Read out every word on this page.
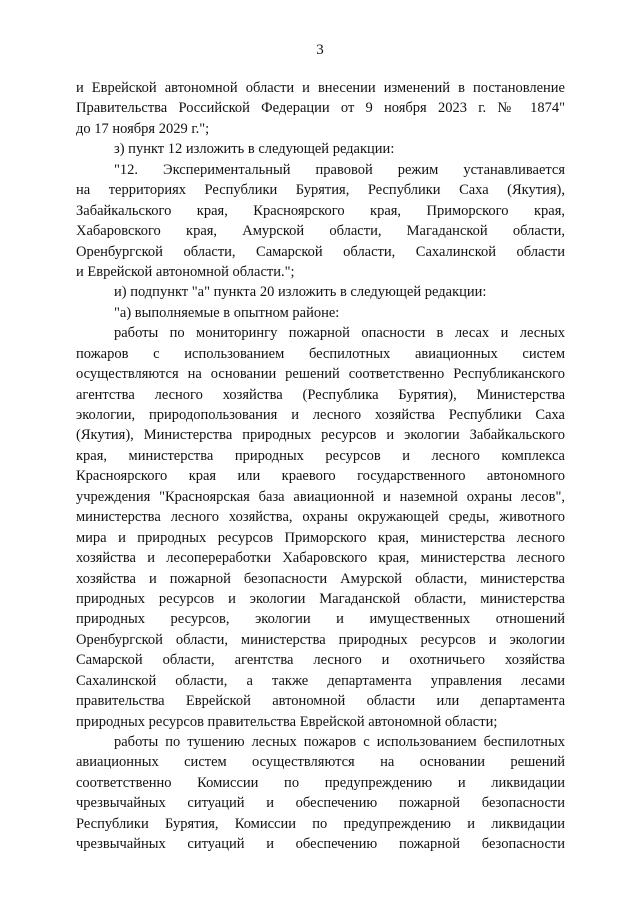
3
и Еврейской автономной области и внесении изменений в постановление
Правительства Российской Федерации от 9 ноября 2023 г. № 1874"
до 17 ноября 2029 г.";
з) пункт 12 изложить в следующей редакции:
"12. Экспериментальный правовой режим устанавливается
на территориях Республики Бурятия, Республики Саха (Якутия),
Забайкальского края, Красноярского края, Приморского края,
Хабаровского края, Амурской области, Магаданской области,
Оренбургской области, Самарской области, Сахалинской области
и Еврейской автономной области.";
и) подпункт "а" пункта 20 изложить в следующей редакции:
"а) выполняемые в опытном районе:
работы по мониторингу пожарной опасности в лесах и лесных
пожаров с использованием беспилотных авиационных систем
осуществляются на основании решений соответственно Республиканского
агентства лесного хозяйства (Республика Бурятия), Министерства
экологии, природопользования и лесного хозяйства Республики Саха
(Якутия), Министерства природных ресурсов и экологии Забайкальского
края, министерства природных ресурсов и лесного комплекса
Красноярского края или краевого государственного автономного
учреждения "Красноярская база авиационной и наземной охраны лесов",
министерства лесного хозяйства, охраны окружающей среды, животного
мира и природных ресурсов Приморского края, министерства лесного
хозяйства и лесопереработки Хабаровского края, министерства лесного
хозяйства и пожарной безопасности Амурской области, министерства
природных ресурсов и экологии Магаданской области, министерства
природных ресурсов, экологии и имущественных отношений
Оренбургской области, министерства природных ресурсов и экологии
Самарской области, агентства лесного и охотничьего хозяйства
Сахалинской области, а также департамента управления лесами
правительства Еврейской автономной области или департамента
природных ресурсов правительства Еврейской автономной области;
работы по тушению лесных пожаров с использованием беспилотных
авиационных систем осуществляются на основании решений
соответственно Комиссии по предупреждению и ликвидации
чрезвычайных ситуаций и обеспечению пожарной безопасности
Республики Бурятия, Комиссии по предупреждению и ликвидации
чрезвычайных ситуаций и обеспечению пожарной безопасности
